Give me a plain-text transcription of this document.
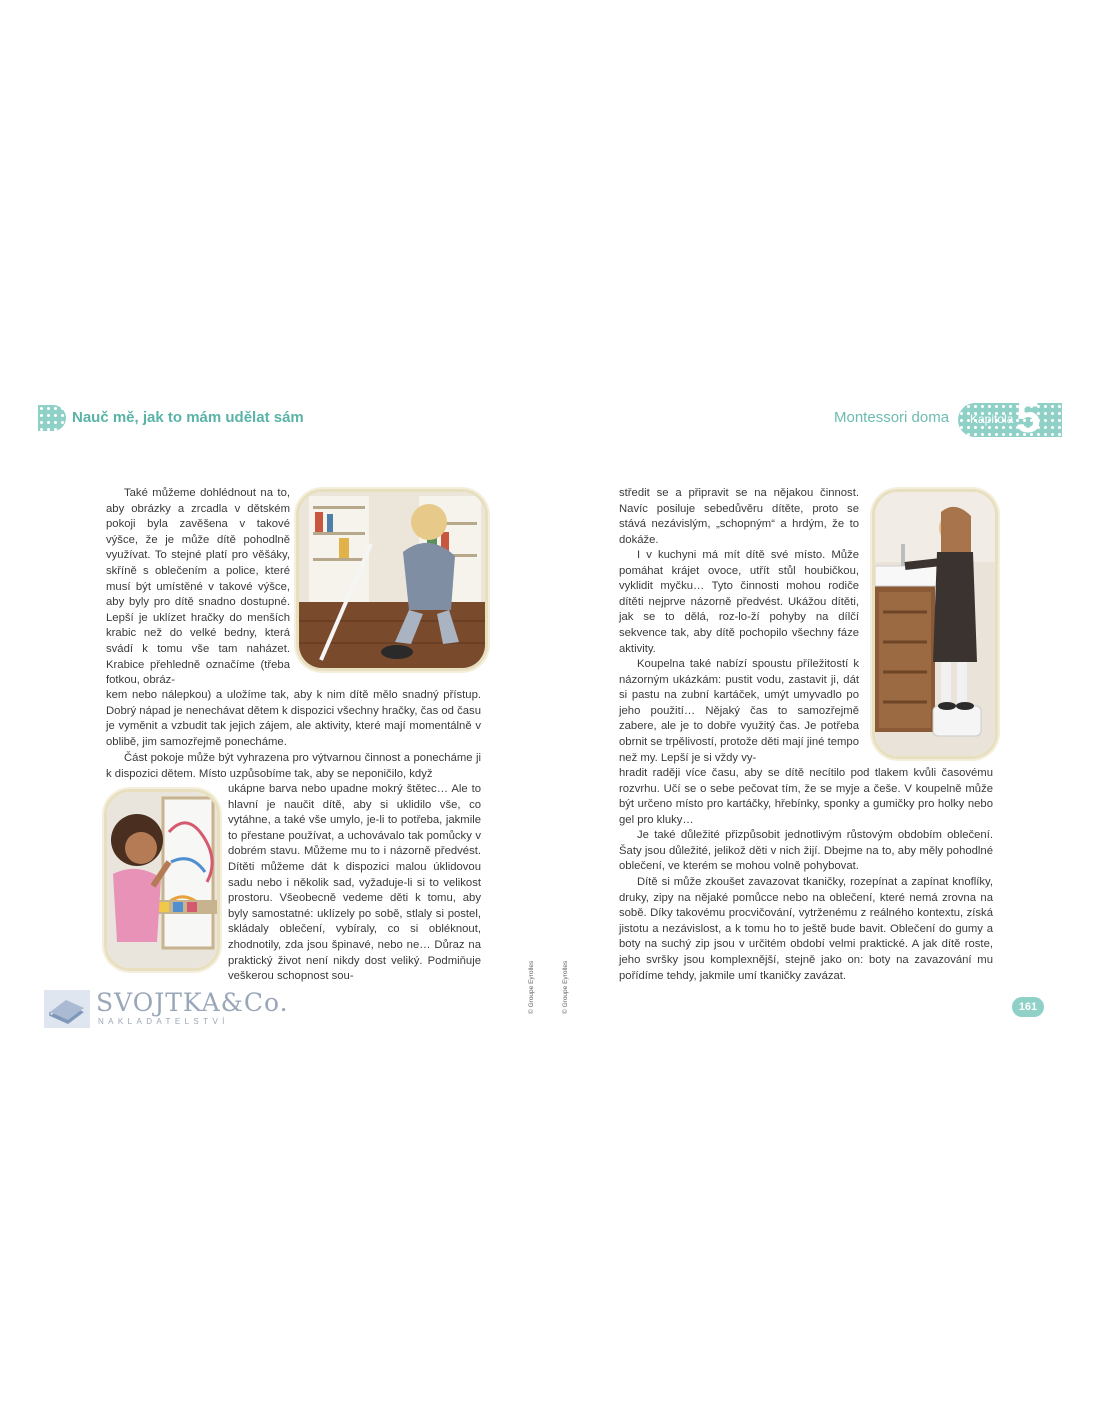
Nauč mě, jak to mám udělat sám	Montessori doma Kapitola 5

Také můžeme dohlédnout na to, aby obrázky a zrcadla v dětském pokoji byla zavěšena v takové výšce, že je může dítě pohodlně využívat. To stejné platí pro věšáky, skříně s oblečením a police, které musí být umístěné v takové výšce, aby byly pro dítě snadno dostupné. Lepší je uklízet hračky do menších krabic než do velké bedny, která svádí k tomu vše tam naházet. Krabice přehledně označíme (třeba fotkou, obráz-

kem nebo nálepkou) a uložíme tak, aby k nim dítě mělo snadný přístup. Dobrý nápad je nenechávat dětem k dispozici všechny hračky, čas od času je vyměnit a vzbudit tak jejich zájem, ale aktivity, které mají momentálně v oblibě, jim samozřejmě ponecháme.

Část pokoje může být vyhrazena pro výtvarnou činnost a ponecháme ji k dispozici dětem. Místo uzpůsobíme tak, aby se neponičilo, když

ukápne barva nebo upadne mokrý štětec… Ale to hlavní je naučit dítě, aby si uklidilo vše, co vytáhne, a také vše umylo, je-li to potřeba, jakmile to přestane používat, a uchovávalo tak pomůcky v dobrém stavu. Můžeme mu to i názorně předvést. Dítěti můžeme dát k dispozici malou úklidovou sadu nebo i několik sad, vyžaduje-li si to velikost prostoru. Všeobecně vedeme děti k tomu, aby byly samostatné: uklízely po sobě, stlaly si postel, skládaly oblečení, vybíraly, co si obléknout, zhodnotily, zda jsou špinavé, nebo ne… Důraz na praktický život není nikdy dost veliký. Podmiňuje veškerou schopnost sou-	© Groupe Eyrolles	© Groupe Eyrolles

středit se a připravit se na nějakou činnost. Navíc posiluje sebedůvěru dítěte, proto se stává nezávislým, „schopným“ a hrdým, že to dokáže.

I v kuchyni má mít dítě své místo. Může pomáhat krájet ovoce, utřít stůl houbičkou, vyklidit myčku… Tyto činnosti mohou rodiče dítěti nejprve názorně předvést. Ukážou dítěti, jak se to dělá, roz-lo-ží pohyby na dílčí sekvence tak, aby dítě pochopilo všechny fáze aktivity.

Koupelna také nabízí spoustu příležitostí k názorným ukázkám: pustit vodu, zastavit ji, dát si pastu na zubní kartáček, umýt umyvadlo po jeho použití… Nějaký čas to samozřejmě zabere, ale je to dobře využitý čas. Je potřeba obrnit se trpělivostí, protože děti mají jiné tempo než my. Lepší je si vždy vy-

hradit raději více času, aby se dítě necítilo pod tlakem kvůli časovému rozvrhu. Učí se o sebe pečovat tím, že se myje a češe. V koupelně může být určeno místo pro kartáčky, hřebínky, sponky a gumičky pro holky nebo gel pro kluky…

Je také důležité přizpůsobit jednotlivým růstovým obdobím oblečení. Šaty jsou důležité, jelikož děti v nich žijí. Dbejme na to, aby měly pohodlné oblečení, ve kterém se mohou volně pohybovat.

Dítě si může zkoušet zavazovat tkaničky, rozepínat a zapínat knoflíky, druky, zipy na nějaké pomůcce nebo na oblečení, které nemá zrovna na sobě. Díky takovému procvičování, vytrženému z reálného kontextu, získá jistotu a nezávislost, a k tomu ho to ještě bude bavit. Oblečení do gumy a boty na suchý zip jsou v určitém období velmi praktické. A jak dítě roste, jeho svršky jsou komplexnější, stejně jako on: boty na zavazování mu pořídíme tehdy, jakmile umí tkaničky zavázat.

SVOJTKA&Co.
NAKLADATELSTVÍ
161
